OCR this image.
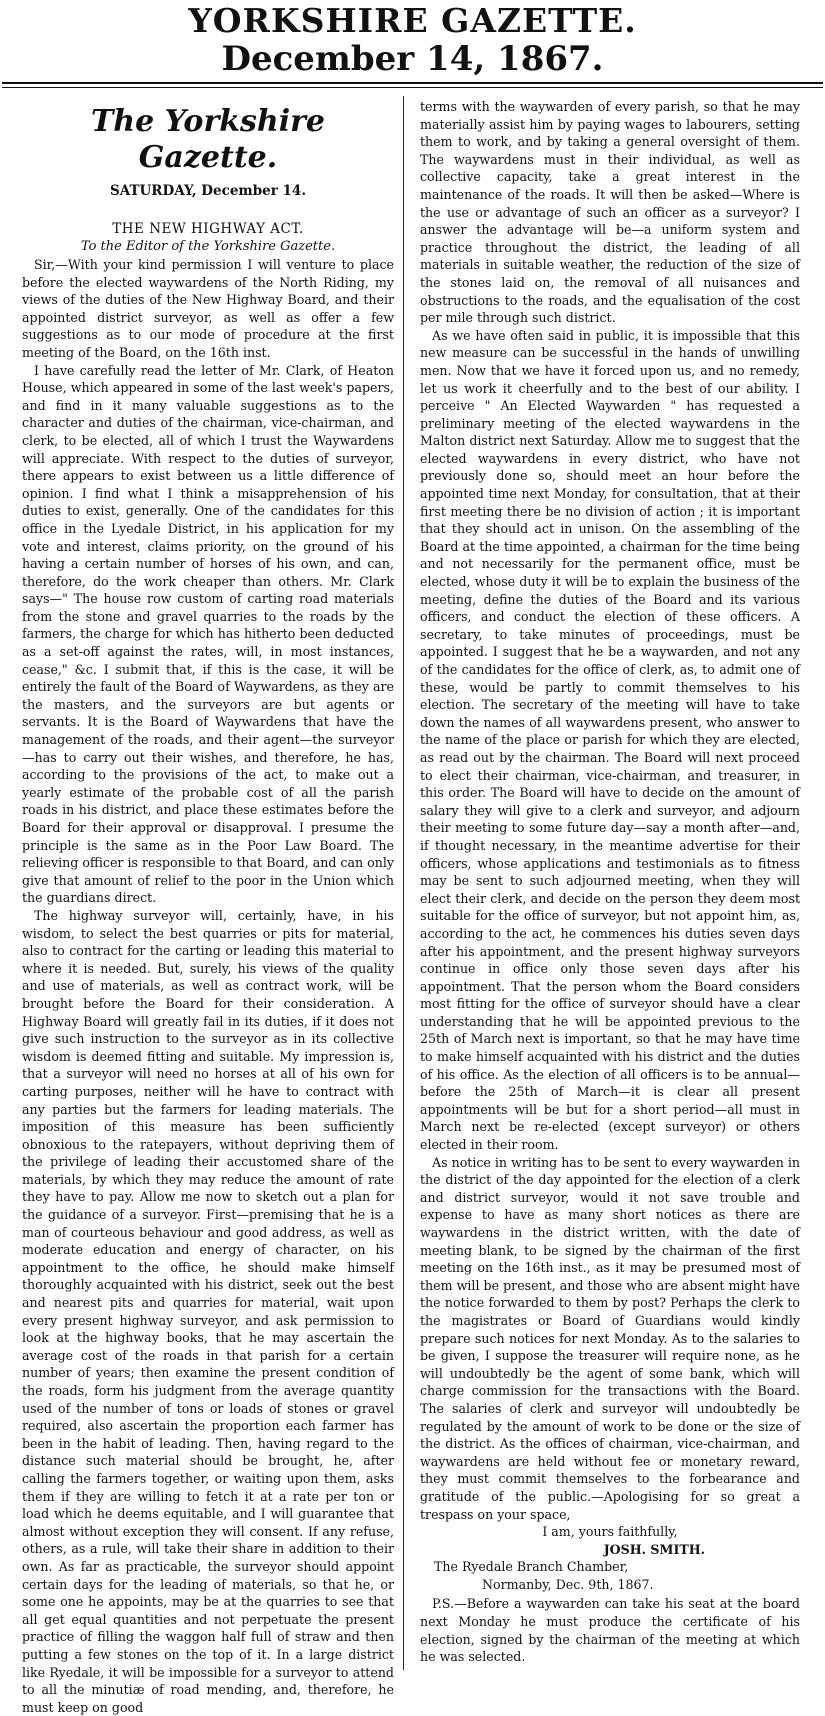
YORKSHIRE GAZETTE.
December 14, 1867.
The Yorkshire Gazette.
SATURDAY, December 14.
THE NEW HIGHWAY ACT.
To the Editor of the Yorkshire Gazette.

Sir,—With your kind permission I will venture to place before the elected waywardens of the North Riding, my views of the duties of the New Highway Board, and their appointed district surveyor, as well as offer a few suggestions as to our mode of procedure at the first meeting of the Board, on the 16th inst.

I have carefully read the letter of Mr. Clark, of Heaton House, which appeared in some of the last week's papers, and find in it many valuable suggestions as to the character and duties of the chairman, vice-chairman, and clerk, to be elected, all of which I trust the Waywardens will appreciate. With respect to the duties of surveyor, there appears to exist between us a little difference of opinion. I find what I think a misapprehension of his duties to exist, generally. One of the candidates for this office in the Lyedale District, in his application for my vote and interest, claims priority, on the ground of his having a certain number of horses of his own, and can, therefore, do the work cheaper than others. Mr. Clark says—" The house row custom of carting road materials from the stone and gravel quarries to the roads by the farmers, the charge for which has hitherto been deducted as a set-off against the rates, will, in most instances, cease," &c. I submit that, if this is the case, it will be entirely the fault of the Board of Waywardens, as they are the masters, and the surveyors are but agents or servants. It is the Board of Waywardens that have the management of the roads, and their agent—the surveyor—has to carry out their wishes, and therefore, he has, according to the provisions of the act, to make out a yearly estimate of the probable cost of all the parish roads in his district, and place these estimates before the Board for their approval or disapproval. I presume the principle is the same as in the Poor Law Board. The relieving officer is responsible to that Board, and can only give that amount of relief to the poor in the Union which the guardians direct.

The highway surveyor will, certainly, have, in his wisdom, to select the best quarries or pits for material, also to contract for the carting or leading this material to where it is needed. But, surely, his views of the quality and use of materials, as well as contract work, will be brought before the Board for their consideration. A Highway Board will greatly fail in its duties, if it does not give such instruction to the surveyor as in its collective wisdom is deemed fitting and suitable. My impression is, that a surveyor will need no horses at all of his own for carting purposes, neither will he have to contract with any parties but the farmers for leading materials. The imposition of this measure has been sufficiently obnoxious to the ratepayers, without depriving them of the privilege of leading their accustomed share of the materials, by which they may reduce the amount of rate they have to pay. Allow me now to sketch out a plan for the guidance of a surveyor. First—premising that he is a man of courteous behaviour and good address, as well as moderate education and energy of character, on his appointment to the office, he should make himself thoroughly acquainted with his district, seek out the best and nearest pits and quarries for material, wait upon every present highway surveyor, and ask permission to look at the highway books, that he may ascertain the average cost of the roads in that parish for a certain number of years; then examine the present condition of the roads, form his judgment from the average quantity used of the number of tons or loads of stones or gravel required, also ascertain the proportion each farmer has been in the habit of leading. Then, having regard to the distance such material should be brought, he, after calling the farmers together, or waiting upon them, asks them if they are willing to fetch it at a rate per ton or load which he deems equitable, and I will guarantee that almost without exception they will consent. If any refuse, others, as a rule, will take their share in addition to their own. As far as practicable, the surveyor should appoint certain days for the leading of materials, so that he, or some one he appoints, may be at the quarries to see that all get equal quantities and not perpetuate the present practice of filling the waggon half full of straw and then putting a few stones on the top of it. In a large district like Ryedale, it will be impossible for a surveyor to attend to all the minutiæ of road mending, and, therefore, he must keep on good

terms with the waywarden of every parish, so that he may materially assist him by paying wages to labourers, setting them to work, and by taking a general oversight of them. The waywardens must in their individual, as well as collective capacity, take a great interest in the maintenance of the roads. It will then be asked—Where is the use or advantage of such an officer as a surveyor? I answer the advantage will be—a uniform system and practice throughout the district, the leading of all materials in suitable weather, the reduction of the size of the stones laid on, the removal of all nuisances and obstructions to the roads, and the equalisation of the cost per mile through such district.

As we have often said in public, it is impossible that this new measure can be successful in the hands of unwilling men. Now that we have it forced upon us, and no remedy, let us work it cheerfully and to the best of our ability. I perceive " An Elected Waywarden " has requested a preliminary meeting of the elected waywardens in the Malton district next Saturday. Allow me to suggest that the elected waywardens in every district, who have not previously done so, should meet an hour before the appointed time next Monday, for consultation, that at their first meeting there be no division of action ; it is important that they should act in unison. On the assembling of the Board at the time appointed, a chairman for the time being and not necessarily for the permanent office, must be elected, whose duty it will be to explain the business of the meeting, define the duties of the Board and its various officers, and conduct the election of these officers. A secretary, to take minutes of proceedings, must be appointed. I suggest that he be a waywarden, and not any of the candidates for the office of clerk, as, to admit one of these, would be partly to commit themselves to his election. The secretary of the meeting will have to take down the names of all waywardens present, who answer to the name of the place or parish for which they are elected, as read out by the chairman. The Board will next proceed to elect their chairman, vice-chairman, and treasurer, in this order. The Board will have to decide on the amount of salary they will give to a clerk and surveyor, and adjourn their meeting to some future day—say a month after—and, if thought necessary, in the meantime advertise for their officers, whose applications and testimonials as to fitness may be sent to such adjourned meeting, when they will elect their clerk, and decide on the person they deem most suitable for the office of surveyor, but not appoint him, as, according to the act, he commences his duties seven days after his appointment, and the present highway surveyors continue in office only those seven days after his appointment. That the person whom the Board considers most fitting for the office of surveyor should have a clear understanding that he will be appointed previous to the 25th of March next is important, so that he may have time to make himself acquainted with his district and the duties of his office. As the election of all officers is to be annual—before the 25th of March—it is clear all present appointments will be but for a short period—all must in March next be re-elected (except surveyor) or others elected in their room.

As notice in writing has to be sent to every waywarden in the district of the day appointed for the election of a clerk and district surveyor, would it not save trouble and expense to have as many short notices as there are waywardens in the district written, with the date of meeting blank, to be signed by the chairman of the first meeting on the 16th inst., as it may be presumed most of them will be present, and those who are absent might have the notice forwarded to them by post? Perhaps the clerk to the magistrates or Board of Guardians would kindly prepare such notices for next Monday. As to the salaries to be given, I suppose the treasurer will require none, as he will undoubtedly be the agent of some bank, which will charge commission for the transactions with the Board. The salaries of clerk and surveyor will undoubtedly be regulated by the amount of work to be done or the size of the district. As the offices of chairman, vice-chairman, and waywardens are held without fee or monetary reward, they must commit themselves to the forbearance and gratitude of the public.—Apologising for so great a trespass on your space,

I am, yours faithfully,
JOSH. SMITH.
The Ryedale Branch Chamber,
Normanby, Dec. 9th, 1867.

P.S.—Before a waywarden can take his seat at the board next Monday he must produce the certificate of his election, signed by the chairman of the meeting at which he was selected.
